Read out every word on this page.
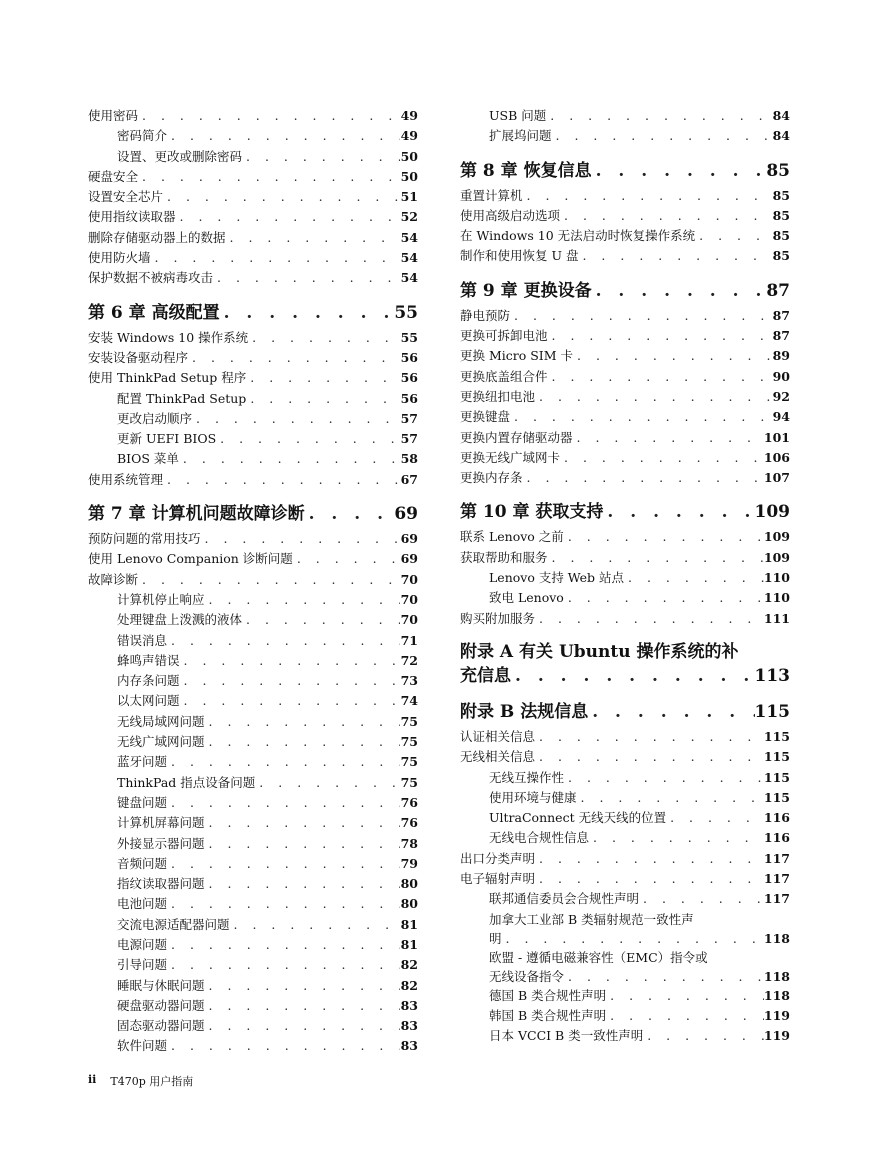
使用密码 . . .	49
密码简介 . . .	49
设置、更改或删除密码 . . .	50
硬盘安全 . . .	50
设置安全芯片 . . .	51
使用指纹读取器 . . .	52
删除存储驱动器上的数据 . . .	54
使用防火墙 . . .	54
保护数据不被病毒攻击 . . .	54
第 6 章 高级配置 . . .	55
安装 Windows 10 操作系统 . . .	55
安装设备驱动程序 . . .	56
使用 ThinkPad Setup 程序 . . .	56
配置 ThinkPad Setup . . .	56
更改启动顺序 . . .	57
更新 UEFI BIOS . . .	57
BIOS 菜单 . . .	58
使用系统管理 . . .	67
第 7 章 计算机问题故障诊断 . . .	69
预防问题的常用技巧 . . .	69
使用 Lenovo Companion 诊断问题 . . .	69
故障诊断 . . .	70
计算机停止响应 . . .	70
处理键盘上泼溅的液体 . . .	70
错误消息 . . .	71
蜂鸣声错误 . . .	72
内存条问题 . . .	73
以太网问题 . . .	74
无线局域网问题 . . .	75
无线广域网问题 . . .	75
蓝牙问题 . . .	75
ThinkPad 指点设备问题 . . .	75
键盘问题 . . .	76
计算机屏幕问题 . . .	76
外接显示器问题 . . .	78
音频问题 . . .	79
指纹读取器问题 . . .	80
电池问题 . . .	80
交流电源适配器问题 . . .	81
电源问题 . . .	81
引导问题 . . .	82
睡眠与休眠问题 . . .	82
硬盘驱动器问题 . . .	83
固态驱动器问题 . . .	83
软件问题 . . .	83
USB 问题 . . .	84
扩展坞问题 . . .	84
第 8 章 恢复信息 . . .	85
重置计算机 . . .	85
使用高级启动选项 . . .	85
在 Windows 10 无法启动时恢复操作系统 . . .	85
制作和使用恢复 U 盘 . . .	85
第 9 章 更换设备 . . .	87
静电预防 . . .	87
更换可拆卸电池 . . .	87
更换 Micro SIM 卡 . . .	89
更换底盖组合件 . . .	90
更换纽扣电池 . . .	92
更换键盘 . . .	94
更换内置存储驱动器 . . .	101
更换无线广域网卡 . . .	106
更换内存条 . . .	107
第 10 章 获取支持 . . .	109
联系 Lenovo 之前 . . .	109
获取帮助和服务 . . .	109
Lenovo 支持 Web 站点 . . .	110
致电 Lenovo . . .	110
购买附加服务 . . .	111
附录 A 有关 Ubuntu 操作系统的补
充信息 . . .	113
附录 B 法规信息 . . .	115
认证相关信息 . . .	115
无线相关信息 . . .	115
无线互操作性 . . .	115
使用环境与健康 . . .	115
UltraConnect 无线天线的位置 . . .	116
无线电合规性信息 . . .	116
出口分类声明 . . .	117
电子辐射声明 . . .	117
联邦通信委员会合规性声明 . . .	117
加拿大工业部 B 类辐射规范一致性声
明 . . .	118
欧盟 - 遵循电磁兼容性（EMC）指令或
无线设备指令 . . .	118
德国 B 类合规性声明 . . .	118
韩国 B 类合规性声明 . . .	119
日本 VCCI B 类一致性声明 . . .	119
ii T470p 用户指南
